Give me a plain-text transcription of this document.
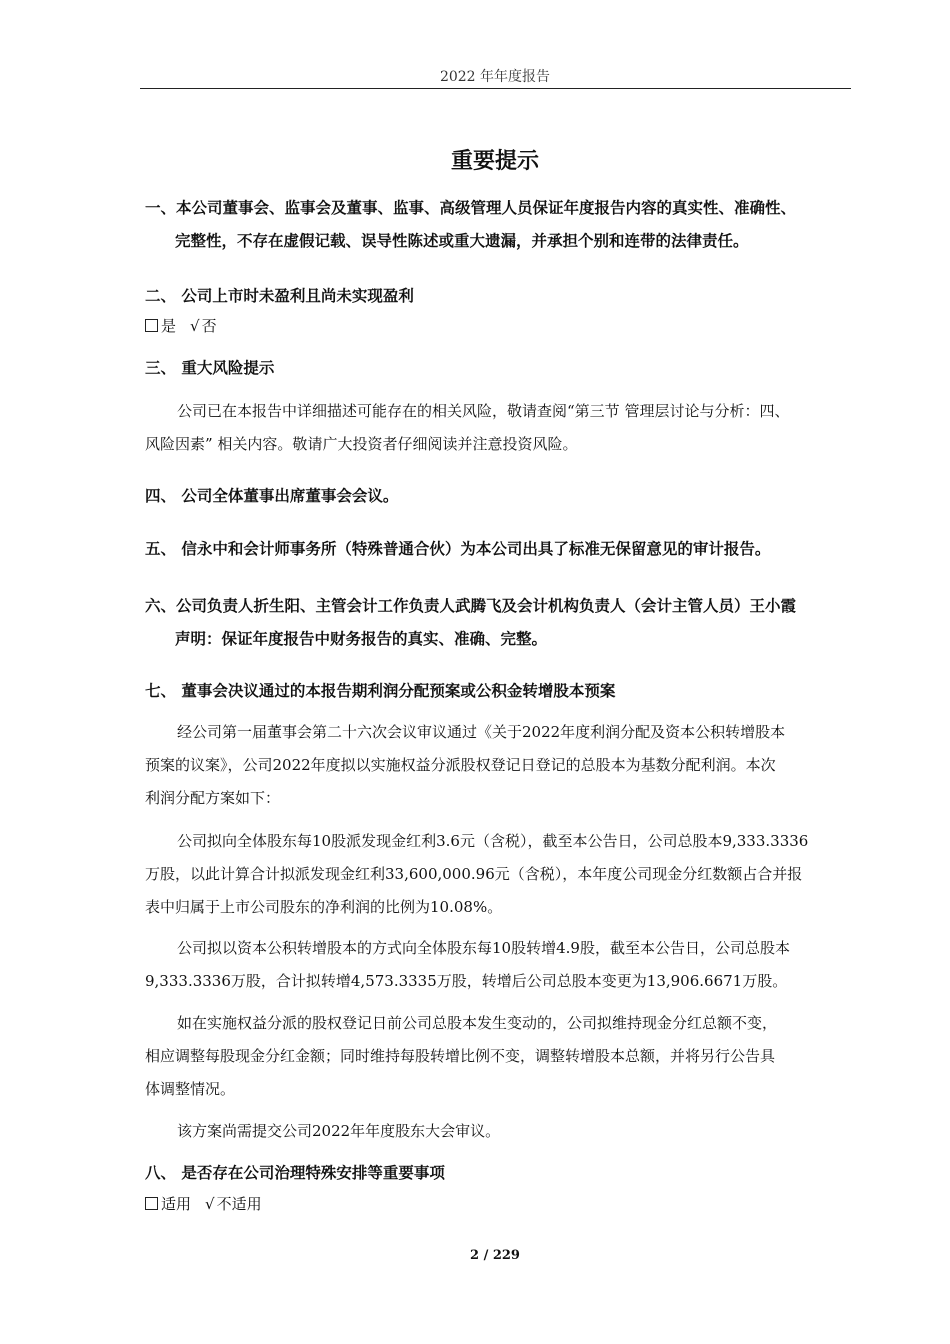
2022 年年度报告
重要提示
一、本公司董事会、监事会及董事、监事、高级管理人员保证年度报告内容的真实性、准确性、
完整性，不存在虚假记载、误导性陈述或重大遗漏，并承担个别和连带的法律责任。
二、 公司上市时未盈利且尚未实现盈利
是 √ 否
三、 重大风险提示
公司已在本报告中详细描述可能存在的相关风险，敬请查阅“第三节 管理层讨论与分析：四、
风险因素” 相关内容。敬请广大投资者仔细阅读并注意投资风险。
四、 公司全体董事出席董事会会议。
五、 信永中和会计师事务所（特殊普通合伙）为本公司出具了标准无保留意见的审计报告。
六、公司负责人折生阳、主管会计工作负责人武腾飞及会计机构负责人（会计主管人员）王小霞
声明：保证年度报告中财务报告的真实、准确、完整。
七、 董事会决议通过的本报告期利润分配预案或公积金转增股本预案
经公司第一届董事会第二十六次会议审议通过《关于2022年度利润分配及资本公积转增股本
预案的议案》，公司2022年度拟以实施权益分派股权登记日登记的总股本为基数分配利润。本次
利润分配方案如下：
公司拟向全体股东每10股派发现金红利3.6元（含税），截至本公告日，公司总股本9,333.3336
万股，以此计算合计拟派发现金红利33,600,000.96元（含税），本年度公司现金分红数额占合并报
表中归属于上市公司股东的净利润的比例为10.08%。
公司拟以资本公积转增股本的方式向全体股东每10股转增4.9股，截至本公告日，公司总股本
9,333.3336万股，合计拟转增4,573.3335万股，转增后公司总股本变更为13,906.6671万股。
如在实施权益分派的股权登记日前公司总股本发生变动的，公司拟维持现金分红总额不变，
相应调整每股现金分红金额；同时维持每股转增比例不变，调整转增股本总额，并将另行公告具
体调整情况。
该方案尚需提交公司2022年年度股东大会审议。
八、 是否存在公司治理特殊安排等重要事项
适用 √ 不适用
2 / 229
